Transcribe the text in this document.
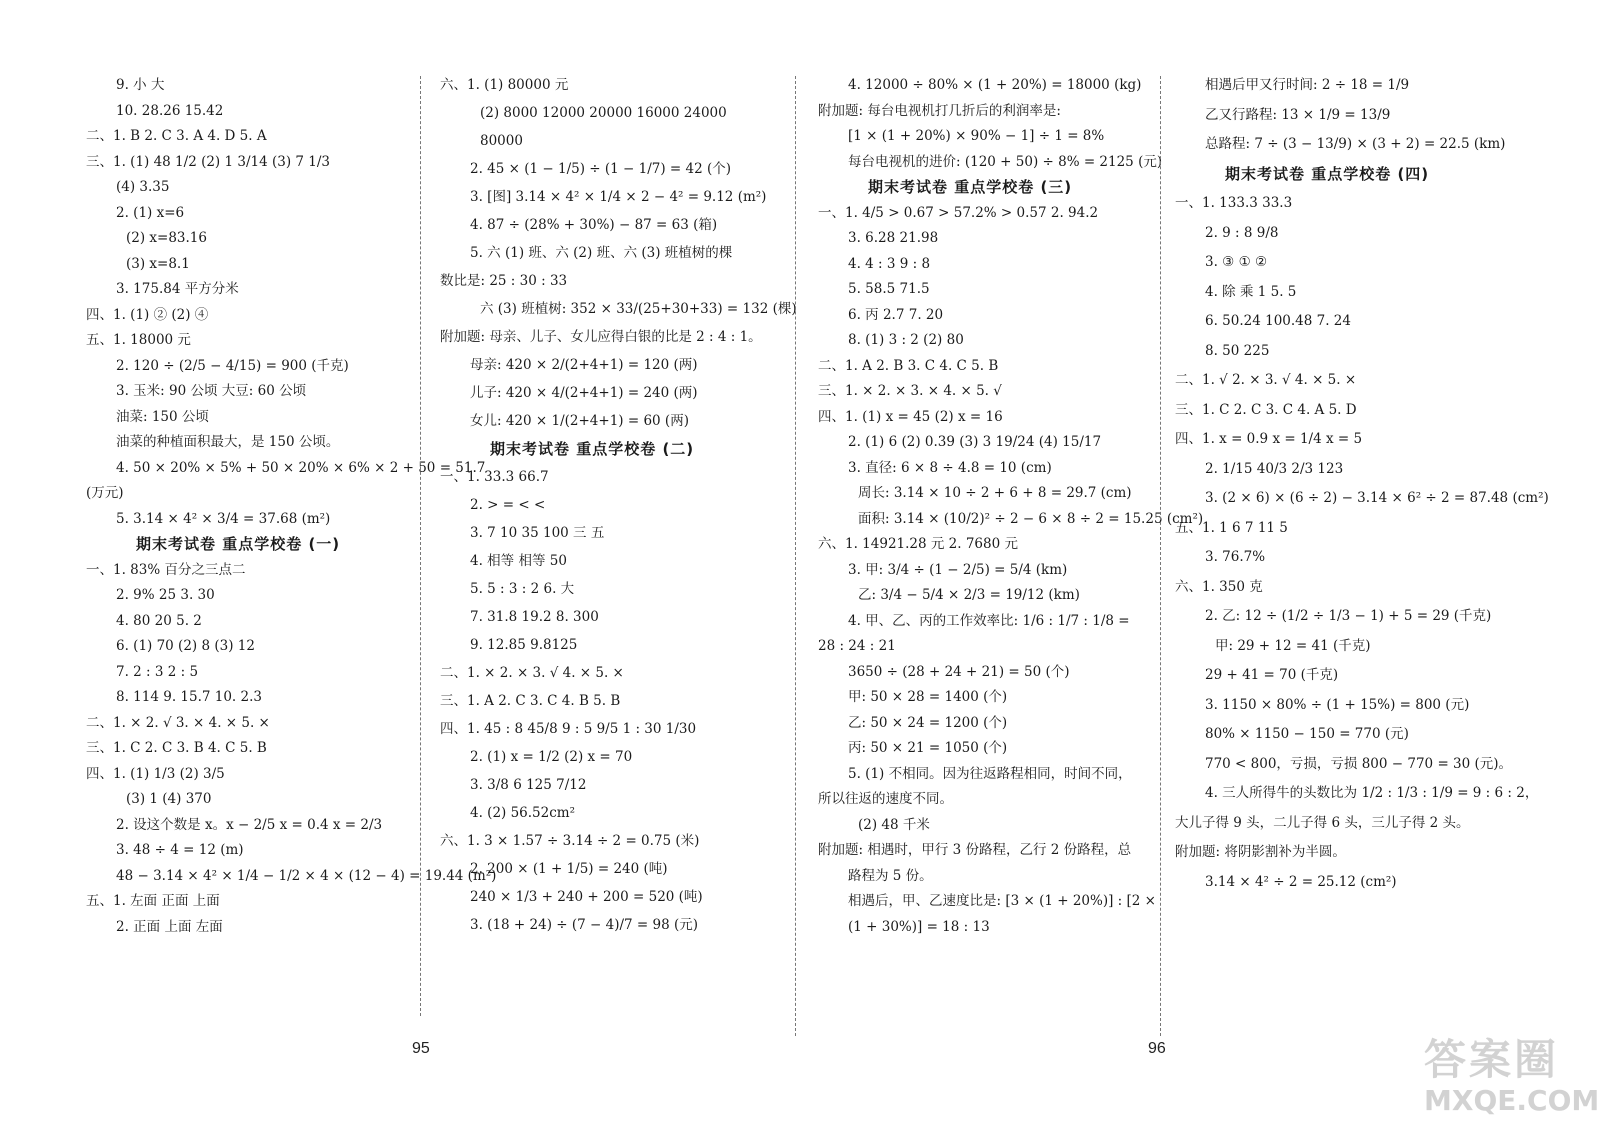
9. 小 大
10. 28.26 15.42
二、1. B 2. C 3. A 4. D 5. A
三、1. (1) 48 1/2 (2) 1 3/14 (3) 7 1/3
(4) 3.35
2. (1) x=6
(2) x=83.16
(3) x=8.1
3. 175.84 平方分米
四、1. (1) ② (2) ④
五、1. 18000 元
2. 120 ÷ (2/5 − 4/15) = 900 (千克)
3. 玉米: 90 公顷 大豆: 60 公顷
油菜: 150 公顷
油菜的种植面积最大，是 150 公顷。
4. 50 × 20% × 5% + 50 × 20% × 6% × 2 + 50 = 51.7
(万元)
5. 3.14 × 4² × 3/4 = 37.68 (m²)
期末考试卷 重点学校卷 (一)
一、1. 83% 百分之三点二
2. 9% 25 3. 30
4. 80 20 5. 2
6. (1) 70 (2) 8 (3) 12
7. 2 : 3 2 : 5
8. 114 9. 15.7 10. 2.3
二、1. × 2. √ 3. × 4. × 5. ×
三、1. C 2. C 3. B 4. C 5. B
四、1. (1) 1/3 (2) 3/5
(3) 1 (4) 370
2. 设这个数是 x。x − 2/5 x = 0.4 x = 2/3
3. 48 ÷ 4 = 12 (m)
48 − 3.14 × 4² × 1/4 − 1/2 × 4 × (12 − 4) = 19.44 (m²)
五、1. 左面 正面 上面
2. 正面 上面 左面
六、1. (1) 80000 元
(2) 8000 12000 20000 16000 24000
80000
2. 45 × (1 − 1/5) ÷ (1 − 1/7) = 42 (个)
3. [图] 3.14 × 4² × 1/4 × 2 − 4² = 9.12 (m²)
4. 87 ÷ (28% + 30%) − 87 = 63 (箱)
5. 六 (1) 班、六 (2) 班、六 (3) 班植树的棵
数比是: 25 : 30 : 33
六 (3) 班植树: 352 × 33/(25+30+33) = 132 (棵)
附加题: 母亲、儿子、女儿应得白银的比是 2 : 4 : 1。
母亲: 420 × 2/(2+4+1) = 120 (两)
儿子: 420 × 4/(2+4+1) = 240 (两)
女儿: 420 × 1/(2+4+1) = 60 (两)
期末考试卷 重点学校卷 (二)
一、1. 33.3 66.7
2. > = < <
3. 7 10 35 100 三 五
4. 相等 相等 50
5. 5 : 3 : 2 6. 大
7. 31.8 19.2 8. 300
9. 12.85 9.8125
二、1. × 2. × 3. √ 4. × 5. ×
三、1. A 2. C 3. C 4. B 5. B
四、1. 45 : 8 45/8 9 : 5 9/5 1 : 30 1/30
2. (1) x = 1/2 (2) x = 70
3. 3/8 6 125 7/12
4. (2) 56.52cm²
六、1. 3 × 1.57 ÷ 3.14 ÷ 2 = 0.75 (米)
2. 200 × (1 + 1/5) = 240 (吨)
240 × 1/3 + 240 + 200 = 520 (吨)
3. (18 + 24) ÷ (7 − 4)/7 = 98 (元)
4. 12000 ÷ 80% × (1 + 20%) = 18000 (kg)
附加题: 每台电视机打几折后的利润率是:
[1 × (1 + 20%) × 90% − 1] ÷ 1 = 8%
每台电视机的进价: (120 + 50) ÷ 8% = 2125 (元)
期末考试卷 重点学校卷 (三)
一、1. 4/5 > 0.67 > 57.2% > 0.57 2. 94.2
3. 6.28 21.98
4. 4 : 3 9 : 8
5. 58.5 71.5
6. 丙 2.7 7. 20
8. (1) 3 : 2 (2) 80
二、1. A 2. B 3. C 4. C 5. B
三、1. × 2. × 3. × 4. × 5. √
四、1. (1) x = 45 (2) x = 16
2. (1) 6 (2) 0.39 (3) 3 19/24 (4) 15/17
3. 直径: 6 × 8 ÷ 4.8 = 10 (cm)
周长: 3.14 × 10 ÷ 2 + 6 + 8 = 29.7 (cm)
面积: 3.14 × (10/2)² ÷ 2 − 6 × 8 ÷ 2 = 15.25 (cm²)
六、1. 14921.28 元 2. 7680 元
3. 甲: 3/4 ÷ (1 − 2/5) = 5/4 (km)
乙: 3/4 − 5/4 × 2/3 = 19/12 (km)
4. 甲、乙、丙的工作效率比: 1/6 : 1/7 : 1/8 =
28 : 24 : 21
3650 ÷ (28 + 24 + 21) = 50 (个)
甲: 50 × 28 = 1400 (个)
乙: 50 × 24 = 1200 (个)
丙: 50 × 21 = 1050 (个)
5. (1) 不相同。因为往返路程相同，时间不同，
所以往返的速度不同。
(2) 48 千米
附加题: 相遇时，甲行 3 份路程，乙行 2 份路程，总
路程为 5 份。
相遇后，甲、乙速度比是: [3 × (1 + 20%)] : [2 ×
(1 + 30%)] = 18 : 13
相遇后甲又行时间: 2 ÷ 18 = 1/9
乙又行路程: 13 × 1/9 = 13/9
总路程: 7 ÷ (3 − 13/9) × (3 + 2) = 22.5 (km)
期末考试卷 重点学校卷 (四)
一、1. 133.3 33.3
2. 9 : 8 9/8
3. ③ ① ②
4. 除 乘 1 5. 5
6. 50.24 100.48 7. 24
8. 50 225
二、1. √ 2. × 3. √ 4. × 5. ×
三、1. C 2. C 3. C 4. A 5. D
四、1. x = 0.9 x = 1/4 x = 5
2. 1/15 40/3 2/3 123
3. (2 × 6) × (6 ÷ 2) − 3.14 × 6² ÷ 2 = 87.48 (cm²)
五、1. 1 6 7 11 5
3. 76.7%
六、1. 350 克
2. 乙: 12 ÷ (1/2 ÷ 1/3 − 1) + 5 = 29 (千克)
甲: 29 + 12 = 41 (千克)
29 + 41 = 70 (千克)
3. 1150 × 80% ÷ (1 + 15%) = 800 (元)
80% × 1150 − 150 = 770 (元)
770 < 800，亏损，亏损 800 − 770 = 30 (元)。
4. 三人所得牛的头数比为 1/2 : 1/3 : 1/9 = 9 : 6 : 2，
大儿子得 9 头，二儿子得 6 头，三儿子得 2 头。
附加题: 将阴影割补为半圆。
3.14 × 4² ÷ 2 = 25.12 (cm²)
95	96	答案圈
MXQE.COM
